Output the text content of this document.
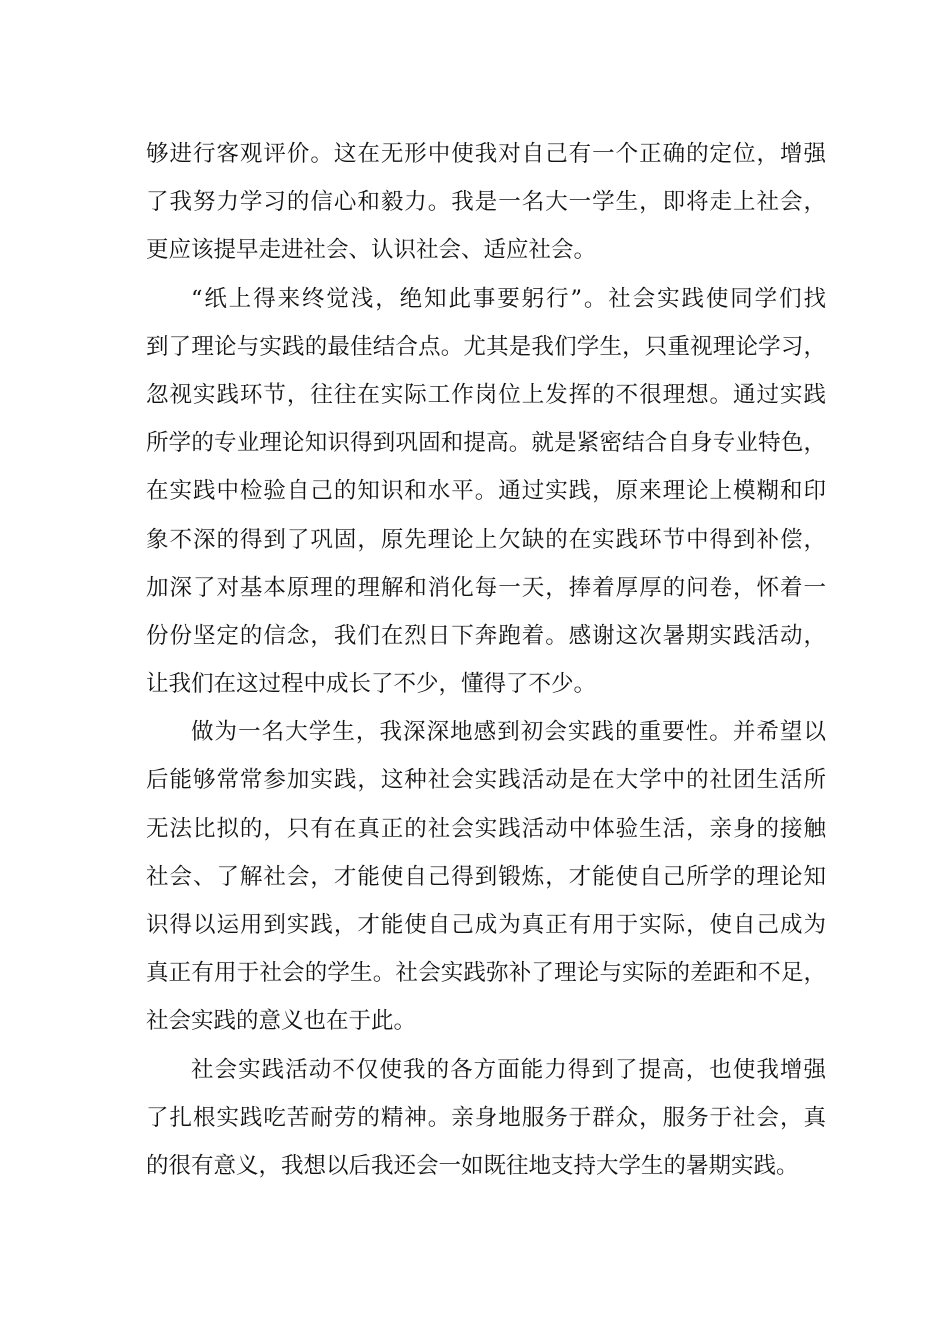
够进行客观评价。这在无形中使我对自己有一个正确的定位，增强
了我努力学习的信心和毅力。我是一名大一学生，即将走上社会，
更应该提早走进社会、认识社会、适应社会。
“纸上得来终觉浅，绝知此事要躬行”。社会实践使同学们找
到了理论与实践的最佳结合点。尤其是我们学生，只重视理论学习，
忽视实践环节，往往在实际工作岗位上发挥的不很理想。通过实践
所学的专业理论知识得到巩固和提高。就是紧密结合自身专业特色，
在实践中检验自己的知识和水平。通过实践，原来理论上模糊和印
象不深的得到了巩固，原先理论上欠缺的在实践环节中得到补偿，
加深了对基本原理的理解和消化每一天，捧着厚厚的问卷，怀着一
份份坚定的信念，我们在烈日下奔跑着。感谢这次暑期实践活动，
让我们在这过程中成长了不少，懂得了不少。
做为一名大学生，我深深地感到初会实践的重要性。并希望以
后能够常常参加实践，这种社会实践活动是在大学中的社团生活所
无法比拟的，只有在真正的社会实践活动中体验生活，亲身的接触
社会、了解社会，才能使自己得到锻炼，才能使自己所学的理论知
识得以运用到实践，才能使自己成为真正有用于实际，使自己成为
真正有用于社会的学生。社会实践弥补了理论与实际的差距和不足，
社会实践的意义也在于此。
社会实践活动不仅使我的各方面能力得到了提高，也使我增强
了扎根实践吃苦耐劳的精神。亲身地服务于群众，服务于社会，真
的很有意义，我想以后我还会一如既往地支持大学生的暑期实践。
